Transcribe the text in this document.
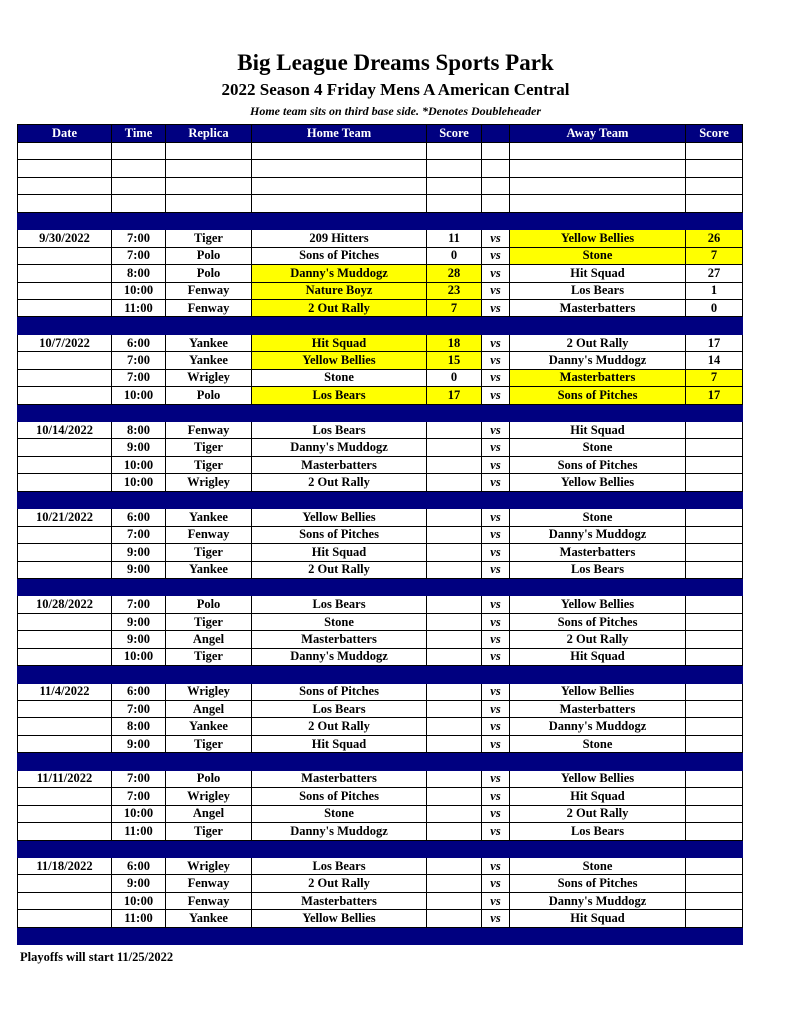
Big League Dreams Sports Park
2022 Season 4 Friday Mens A American Central
Home team sits on third base side. *Denotes Doubleheader
Date	Time	Replica	Home Team	Score		Away Team	Score

9/30/2022	7:00	Tiger	209 Hitters	11	vs	Yellow Bellies	26
	7:00	Polo	Sons of Pitches	0	vs	Stone	7
	8:00	Polo	Danny's Muddogz	28	vs	Hit Squad	27
	10:00	Fenway	Nature Boyz	23	vs	Los Bears	1
	11:00	Fenway	2 Out Rally	7	vs	Masterbatters	0

10/7/2022	6:00	Yankee	Hit Squad	18	vs	2 Out Rally	17
	7:00	Yankee	Yellow Bellies	15	vs	Danny's Muddogz	14
	7:00	Wrigley	Stone	0	vs	Masterbatters	7
	10:00	Polo	Los Bears	17	vs	Sons of Pitches	17

10/14/2022	8:00	Fenway	Los Bears		vs	Hit Squad	
	9:00	Tiger	Danny's Muddogz		vs	Stone	
	10:00	Tiger	Masterbatters		vs	Sons of Pitches	
	10:00	Wrigley	2 Out Rally		vs	Yellow Bellies	

10/21/2022	6:00	Yankee	Yellow Bellies		vs	Stone	
	7:00	Fenway	Sons of Pitches		vs	Danny's Muddogz	
	9:00	Tiger	Hit Squad		vs	Masterbatters	
	9:00	Yankee	2 Out Rally		vs	Los Bears	

10/28/2022	7:00	Polo	Los Bears		vs	Yellow Bellies	
	9:00	Tiger	Stone		vs	Sons of Pitches	
	9:00	Angel	Masterbatters		vs	2 Out Rally	
	10:00	Tiger	Danny's Muddogz		vs	Hit Squad	

11/4/2022	6:00	Wrigley	Sons of Pitches		vs	Yellow Bellies	
	7:00	Angel	Los Bears		vs	Masterbatters	
	8:00	Yankee	2 Out Rally		vs	Danny's Muddogz	
	9:00	Tiger	Hit Squad		vs	Stone	

11/11/2022	7:00	Polo	Masterbatters		vs	Yellow Bellies	
	7:00	Wrigley	Sons of Pitches		vs	Hit Squad	
	10:00	Angel	Stone		vs	2 Out Rally	
	11:00	Tiger	Danny's Muddogz		vs	Los Bears	

11/18/2022	6:00	Wrigley	Los Bears		vs	Stone	
	9:00	Fenway	2 Out Rally		vs	Sons of Pitches	
	10:00	Fenway	Masterbatters		vs	Danny's Muddogz	
	11:00	Yankee	Yellow Bellies		vs	Hit Squad	

Playoffs will start 11/25/2022
